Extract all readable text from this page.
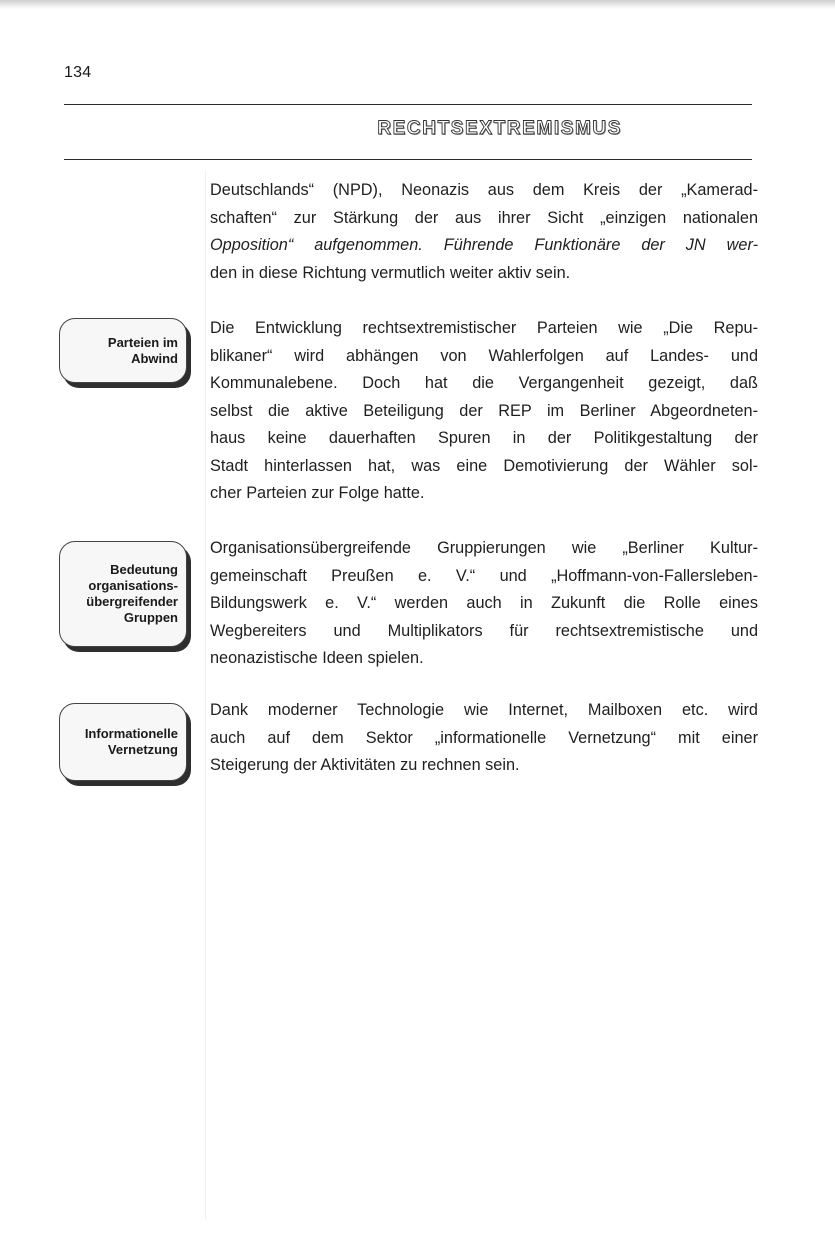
134
RECHTSEXTREMISMUS

Deutschlands“ (NPD), Neonazis aus dem Kreis der „Kamerad-
schaften“ zur Stärkung der aus ihrer Sicht „einzigen nationalen
Opposition“ aufgenommen. Führende Funktionäre der JN wer-
den in diese Richtung vermutlich weiter aktiv sein.

Parteien im
Abwind

Die Entwicklung rechtsextremistischer Parteien wie „Die Repu-
blikaner“ wird abhängen von Wahlerfolgen auf Landes- und
Kommunalebene. Doch hat die Vergangenheit gezeigt, daß
selbst die aktive Beteiligung der REP im Berliner Abgeordneten-
haus keine dauerhaften Spuren in der Politikgestaltung der
Stadt hinterlassen hat, was eine Demotivierung der Wähler sol-
cher Parteien zur Folge hatte.

Bedeutung
organisations-
übergreifender
Gruppen

Organisationsübergreifende Gruppierungen wie „Berliner Kultur-
gemeinschaft Preußen e. V.“ und „Hoffmann-von-Fallersleben-
Bildungswerk e. V.“ werden auch in Zukunft die Rolle eines
Wegbereiters und Multiplikators für rechtsextremistische und
neonazistische Ideen spielen.

Informationelle
Vernetzung

Dank moderner Technologie wie Internet, Mailboxen etc. wird
auch auf dem Sektor „informationelle Vernetzung“ mit einer
Steigerung der Aktivitäten zu rechnen sein.
